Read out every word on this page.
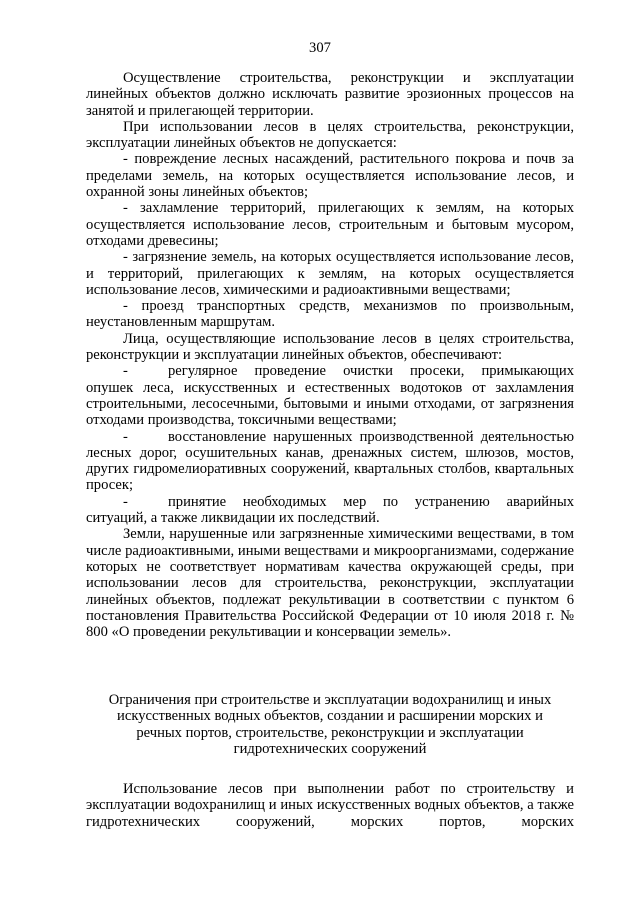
307

Осуществление строительства, реконструкции и эксплуатации линейных объектов должно исключать развитие эрозионных процессов на занятой и прилегающей территории.

При использовании лесов в целях строительства, реконструкции, эксплуатации линейных объектов не допускается:

- повреждение лесных насаждений, растительного покрова и почв за пределами земель, на которых осуществляется использование лесов, и охранной зоны линейных объектов;

- захламление территорий, прилегающих к землям, на которых осуществляется использование лесов, строительным и бытовым мусором, отходами древесины;

- загрязнение земель, на которых осуществляется использование лесов, и территорий, прилегающих к землям, на которых осуществляется использование лесов, химическими и радиоактивными веществами;

- проезд транспортных средств, механизмов по произвольным, неустановленным маршрутам.

Лица, осуществляющие использование лесов в целях строительства, реконструкции и эксплуатации линейных объектов, обеспечивают:

-	регулярное проведение очистки просеки, примыкающих

опушек леса, искусственных и естественных водотоков от захламления строительными, лесосечными, бытовыми и иными отходами, от загрязнения отходами производства, токсичными веществами;

-	восстановление нарушенных производственной деятельностью

лесных дорог, осушительных канав, дренажных систем, шлюзов, мостов, других гидромелиоративных сооружений, квартальных столбов, квартальных просек;

-	принятие необходимых мер по устранению аварийных

ситуаций, а также ликвидации их последствий.

Земли, нарушенные или загрязненные химическими веществами, в том числе радиоактивными, иными веществами и микроорганизмами, содержание которых не соответствует нормативам качества окружающей среды, при использовании лесов для строительства, реконструкции, эксплуатации линейных объектов, подлежат рекультивации в соответствии с пунктом 6 постановления Правительства Российской Федерации от 10 июля 2018 г. № 800 «О проведении рекультивации и консервации земель».

Ограничения при строительстве и эксплуатации водохранилищ и иных
искусственных водных объектов, создании и расширении морских и
речных портов, строительстве, реконструкции и эксплуатации
гидротехнических сооружений

Использование лесов при выполнении работ по строительству и эксплуатации водохранилищ и иных искусственных водных объектов, а также гидротехнических сооружений, морских портов, морских
